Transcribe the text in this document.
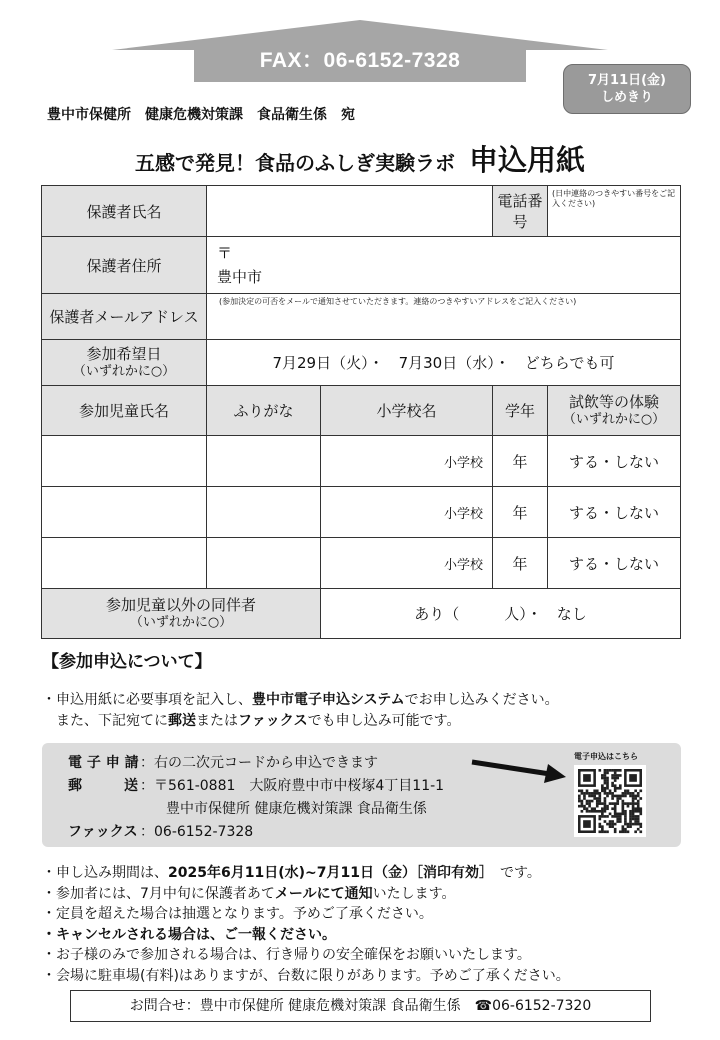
FAX：06-6152-7328
7月11日(金)
しめきり
豊中市保健所　健康危機対策課　食品衛生係　宛
五感で発見！食品のふしぎ実験ラボ 申込用紙
保護者氏名			電話番号	(日中連絡のつきやすい番号をご記入ください)

保護者住所	〒
豊中市			

保護者メールアドレス	(参加決定の可否をメールで通知させていただきます。連絡のつきやすいアドレスをご記入ください)			

参加希望日
（いずれかに○）	7月29日（火）・　7月30日（水）・　どちらでも可			
参加児童氏名	ふりがな	小学校名	学年	試飲等の体験
（いずれかに○）

		小学校	年	する・しない
		小学校	年	する・しない
		小学校	年	する・しない
参加児童以外の同伴者
（いずれかに○）		あり（　　　人）・　なし		
【参加申込について】
・申込用紙に必要事項を記入し、豊中市電子申込システムでお申し込みください。
　また、下記宛てに郵送またはファックスでも申し込み可能です。
電 子 申 請：右の二次元コードから申込できます
郵　　　送 ：〒561-0881　大阪府豊中市中桜塚4丁目11-1
豊中市保健所 健康危機対策課 食品衛生係
ファックス ：06-6152-7328
電子申込はこちら
・申し込み期間は、2025年6月11日(水)~7月11日（金）［消印有効］　 です。
・参加者には、7月中旬に保護者あてメールにて通知いたします。
・定員を超えた場合は抽選となります。予めご了承ください。
・キャンセルされる場合は、ご一報ください。
・お子様のみで参加される場合は、行き帰りの安全確保をお願いいたします。
・会場に駐車場(有料)はありますが、台数に限りがあります。予めご了承ください。
お問合せ：豊中市保健所 健康危機対策課 食品衛生係　☎06-6152-7320
